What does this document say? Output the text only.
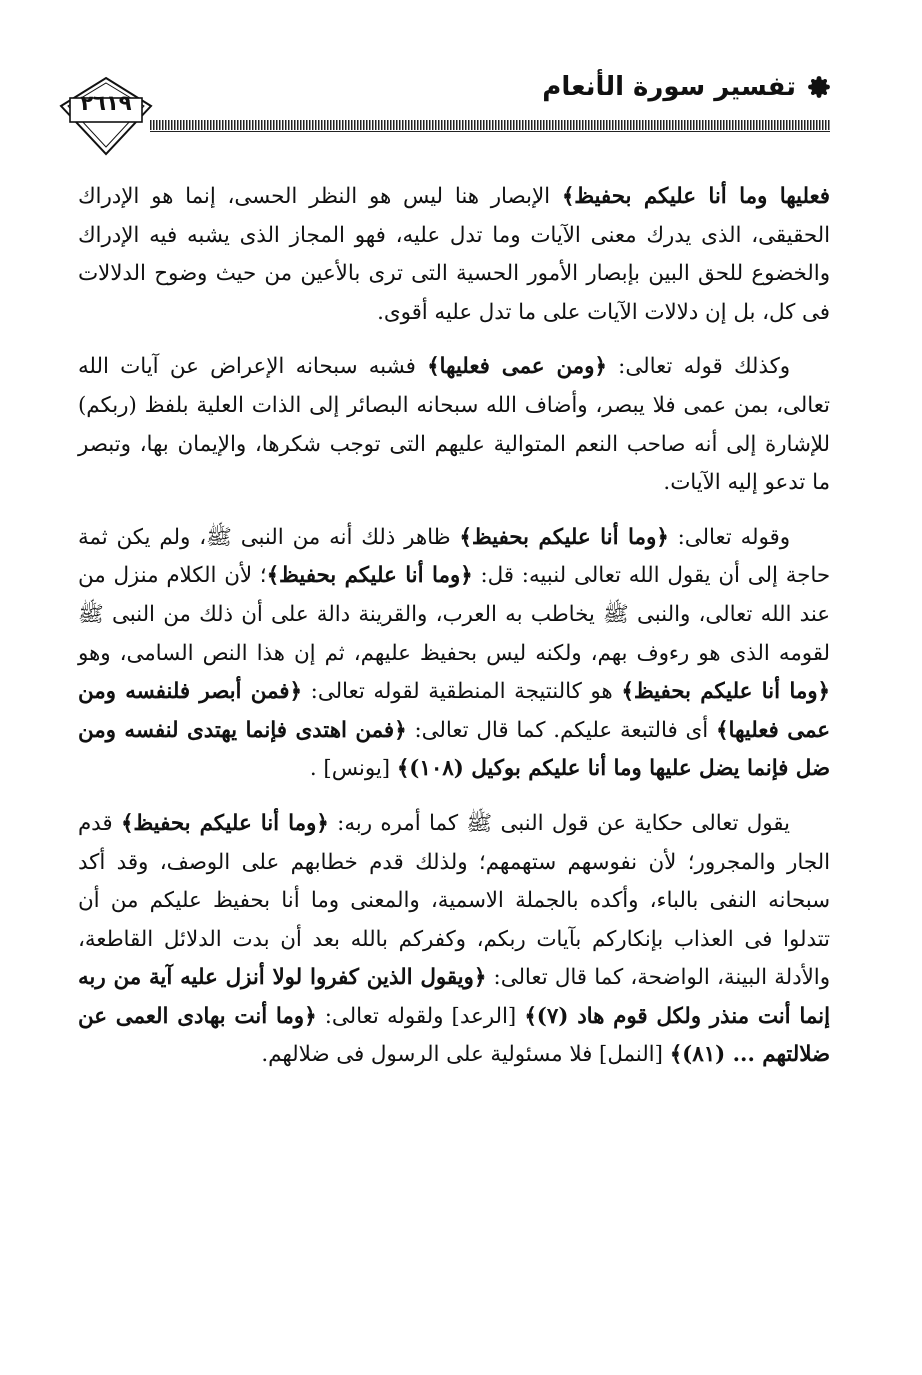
تفسير سورة الأنعام
٢٦١٩

فعليها وما أنا عليكم بحفيظ﴾ الإبصار هنا ليس هو النظر الحسى، إنما هو الإدراك الحقيقى، الذى يدرك معنى الآيات وما تدل عليه، فهو المجاز الذى يشبه فيه الإدراك والخضوع للحق البين بإبصار الأمور الحسية التى ترى بالأعين من حيث وضوح الدلالات فى كل، بل إن دلالات الآيات على ما تدل عليه أقوى.

وكذلك قوله تعالى: ﴿ومن عمى فعليها﴾ فشبه سبحانه الإعراض عن آيات الله تعالى، بمن عمى فلا يبصر، وأضاف الله سبحانه البصائر إلى الذات العلية بلفظ (ربكم) للإشارة إلى أنه صاحب النعم المتوالية عليهم التى توجب شكرها، والإيمان بها، وتبصر ما تدعو إليه الآيات.

وقوله تعالى: ﴿وما أنا عليكم بحفيظ﴾ ظاهر ذلك أنه من النبى ﷺ، ولم يكن ثمة حاجة إلى أن يقول الله تعالى لنبيه: قل: ﴿وما أنا عليكم بحفيظ﴾؛ لأن الكلام منزل من عند الله تعالى، والنبى ﷺ يخاطب به العرب، والقرينة دالة على أن ذلك من النبى ﷺ لقومه الذى هو رءوف بهم، ولكنه ليس بحفيظ عليهم، ثم إن هذا النص السامى، وهو ﴿وما أنا عليكم بحفيظ﴾ هو كالنتيجة المنطقية لقوله تعالى: ﴿فمن أبصر فلنفسه ومن عمى فعليها﴾ أى فالتبعة عليكم. كما قال تعالى: ﴿فمن اهتدى فإنما يهتدى لنفسه ومن ضل فإنما يضل عليها وما أنا عليكم بوكيل (١٠٨)﴾ [يونس] .

يقول تعالى حكاية عن قول النبى ﷺ كما أمره ربه: ﴿وما أنا عليكم بحفيظ﴾ قدم الجار والمجرور؛ لأن نفوسهم ستهمهم؛ ولذلك قدم خطابهم على الوصف، وقد أكد سبحانه النفى بالباء، وأكده بالجملة الاسمية، والمعنى وما أنا بحفيظ عليكم من أن تتدلوا فى العذاب بإنكاركم بآيات ربكم، وكفركم بالله بعد أن بدت الدلائل القاطعة، والأدلة البينة، الواضحة، كما قال تعالى: ﴿ويقول الذين كفروا لولا أنزل عليه آية من ربه إنما أنت منذر ولكل قوم هاد (٧)﴾ [الرعد] ولقوله تعالى: ﴿وما أنت بهادى العمى عن ضلالتهم ... (٨١)﴾ [النمل] فلا مسئولية على الرسول فى ضلالهم.
